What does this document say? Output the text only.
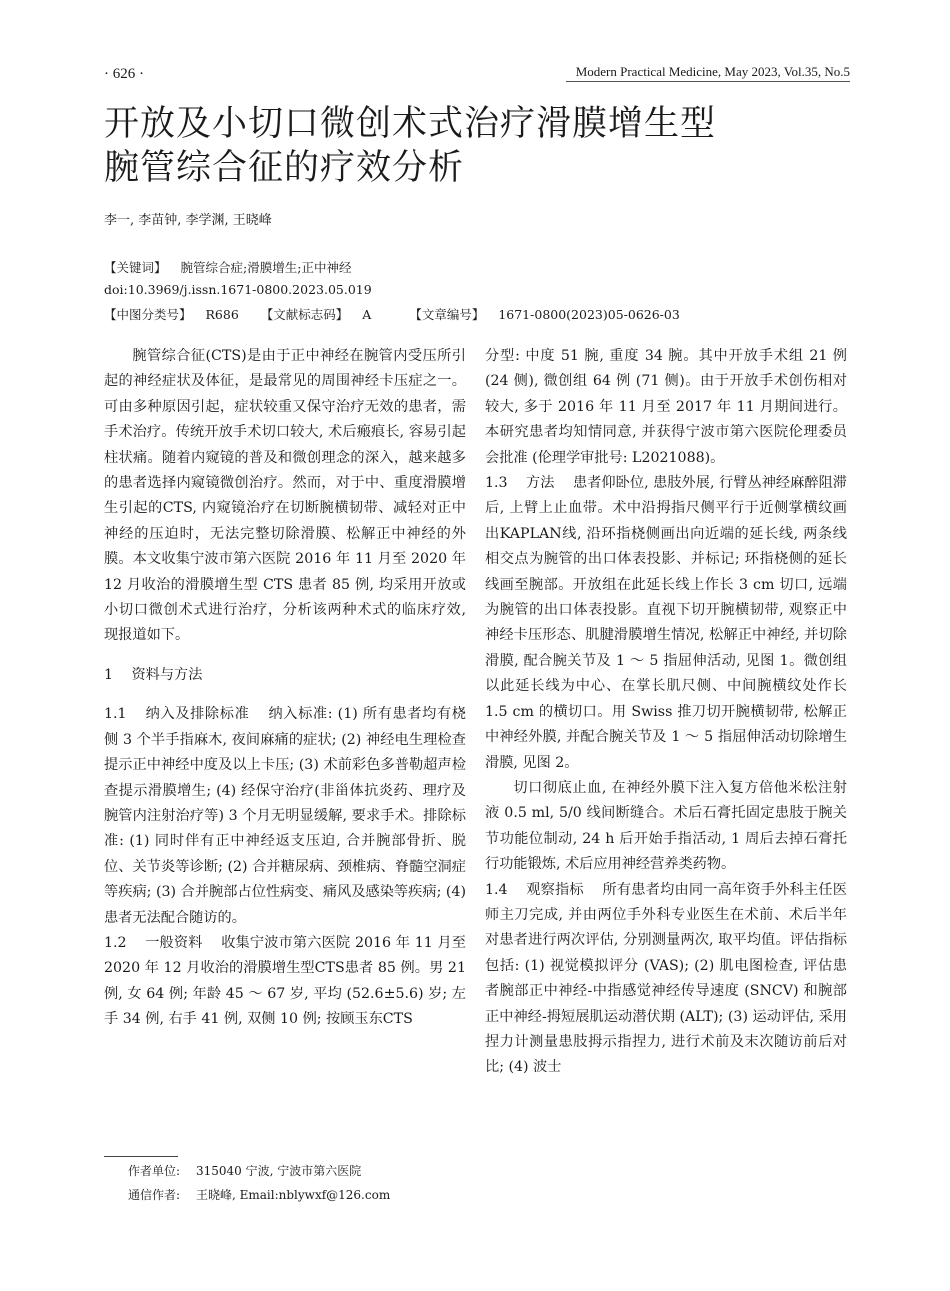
· 626 ·	Modern Practical Medicine, May 2023, Vol.35, No.5
开放及小切口微创术式治疗滑膜增生型
腕管综合征的疗效分析
李一, 李苗钟, 李学渊, 王晓峰
【关键词】 腕管综合症;滑膜增生;正中神经
doi:10.3969/j.issn.1671-0800.2023.05.019
【中图分类号】 R686 【文献标志码】 A	【文章编号】 1671-0800(2023)05-0626-03

腕管综合征(CTS)是由于正中神经在腕管内受压所引起的神经症状及体征，是最常见的周围神经卡压症之一。可由多种原因引起，症状较重又保守治疗无效的患者，需手术治疗。传统开放手术切口较大, 术后瘢痕长, 容易引起柱状痛。随着内窥镜的普及和微创理念的深入，越来越多的患者选择内窥镜微创治疗。然而，对于中、重度滑膜增生引起的CTS, 内窥镜治疗在切断腕横韧带、减轻对正中神经的压迫时，无法完整切除滑膜、松解正中神经的外膜。本文收集宁波市第六医院 2016 年 11 月至 2020 年 12 月收治的滑膜增生型 CTS 患者 85 例, 均采用开放或小切口微创术式进行治疗，分析该两种术式的临床疗效, 现报道如下。

1 资料与方法

1.1 纳入及排除标准 纳入标准: (1) 所有患者均有桡侧 3 个半手指麻木, 夜间麻痛的症状; (2) 神经电生理检查提示正中神经中度及以上卡压; (3) 术前彩色多普勒超声检查提示滑膜增生; (4) 经保守治疗(非甾体抗炎药、理疗及腕管内注射治疗等) 3 个月无明显缓解, 要求手术。排除标准: (1) 同时伴有正中神经返支压迫, 合并腕部骨折、脱位、关节炎等诊断; (2) 合并糖尿病、颈椎病、脊髓空洞症等疾病; (3) 合并腕部占位性病变、痛风及感染等疾病; (4) 患者无法配合随访的。

1.2 一般资料 收集宁波市第六医院 2016 年 11 月至 2020 年 12 月收治的滑膜增生型CTS患者 85 例。男 21 例, 女 64 例; 年龄 45 ～ 67 岁, 平均 (52.6±5.6) 岁; 左手 34 例, 右手 41 例, 双侧 10 例; 按顾玉东CTS

分型: 中度 51 腕, 重度 34 腕。其中开放手术组 21 例 (24 侧), 微创组 64 例 (71 侧)。由于开放手术创伤相对较大, 多于 2016 年 11 月至 2017 年 11 月期间进行。本研究患者均知情同意, 并获得宁波市第六医院伦理委员会批准 (伦理学审批号: L2021088)。

1.3 方法 患者仰卧位, 患肢外展, 行臂丛神经麻醉阻滞后, 上臂上止血带。术中沿拇指尺侧平行于近侧掌横纹画出KAPLAN线, 沿环指桡侧画出向近端的延长线, 两条线相交点为腕管的出口体表投影、并标记; 环指桡侧的延长线画至腕部。开放组在此延长线上作长 3 cm 切口, 远端为腕管的出口体表投影。直视下切开腕横韧带, 观察正中神经卡压形态、肌腱滑膜增生情况, 松解正中神经, 并切除滑膜, 配合腕关节及 1 ～ 5 指屈伸活动, 见图 1。微创组以此延长线为中心、在掌长肌尺侧、中间腕横纹处作长 1.5 cm 的横切口。用 Swiss 推刀切开腕横韧带, 松解正中神经外膜, 并配合腕关节及 1 ～ 5 指屈伸活动切除增生滑膜, 见图 2。

切口彻底止血, 在神经外膜下注入复方倍他米松注射液 0.5 ml, 5/0 线间断缝合。术后石膏托固定患肢于腕关节功能位制动, 24 h 后开始手指活动, 1 周后去掉石膏托行功能锻炼, 术后应用神经营养类药物。

1.4 观察指标 所有患者均由同一高年资手外科主任医师主刀完成, 并由两位手外科专业医生在术前、术后半年对患者进行两次评估, 分别测量两次, 取平均值。评估指标包括: (1) 视觉模拟评分 (VAS); (2) 肌电图检查, 评估患者腕部正中神经-中指感觉神经传导速度 (SNCV) 和腕部正中神经-拇短展肌运动潜伏期 (ALT); (3) 运动评估, 采用捏力计测量患肢拇示指捏力, 进行术前及末次随访前后对比; (4) 波士

作者单位: 315040 宁波, 宁波市第六医院
通信作者: 王晓峰, Email:nblywxf@126.com
